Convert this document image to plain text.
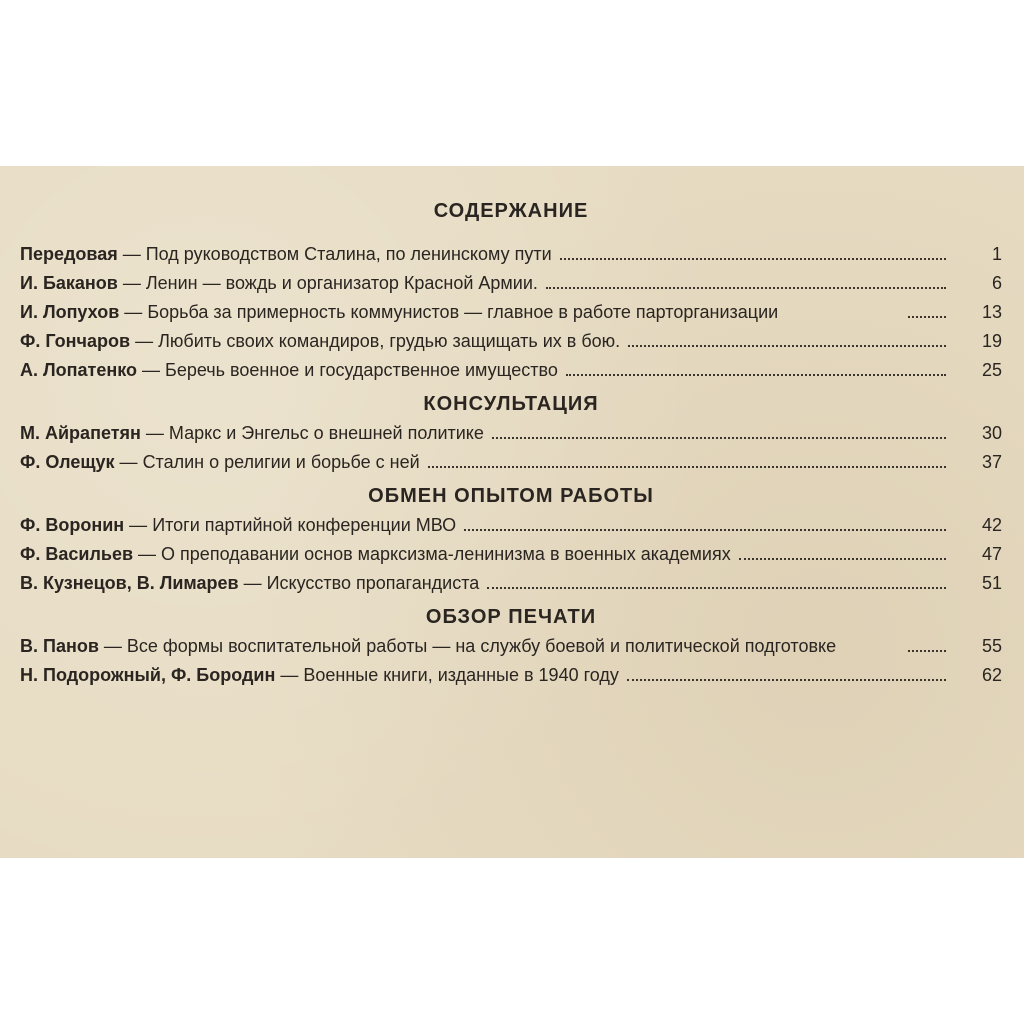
СОДЕРЖАНИЕ
Передовая — Под руководством Сталина, по ленинскому пути	1
И. Баканов — Ленин — вождь и организатор Красной Армии.	6
И. Лопухов — Борьба за примерность коммунистов — главное в работе парторганизации	13
Ф. Гончаров — Любить своих командиров, грудью защищать их в бою.	19
А. Лопатенко — Беречь военное и государственное имущество	25
КОНСУЛЬТАЦИЯ
М. Айрапетян — Маркс и Энгельс о внешней политике	30
Ф. Олещук — Сталин о религии и борьбе с ней	37
ОБМЕН ОПЫТОМ РАБОТЫ
Ф. Воронин — Итоги партийной конференции МВО	42
Ф. Васильев — О преподавании основ марксизма-ленинизма в военных академиях	47
В. Кузнецов, В. Лимарев — Искусство пропагандиста	51
ОБЗОР ПЕЧАТИ
В. Панов — Все формы воспитательной работы — на службу боевой и политической подготовке	55
Н. Подорожный, Ф. Бородин — Военные книги, изданные в 1940 году	62
